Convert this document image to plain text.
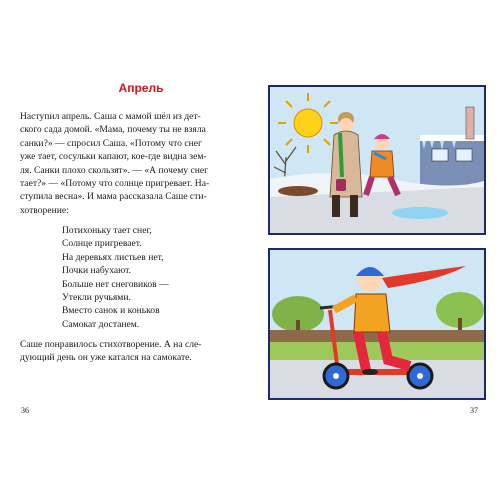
Апрель

Наступил апрель. Саша с мамой шёл из дет-
ского сада домой. «Мама, почему ты не взяла
санки?» — спросил Саша. «Потому что снег
уже тает, сосульки капают, кое-где видна зем-
ля. Санки плохо скользят». — «А почему снег
тает?» — «Потому что солнце пригревает. На-
ступила весна». И мама рассказала Саше сти-
хотворение:

Потихоньку тает снег,
Солнце пригревает.
На деревьях листьев нет,
Почки набухают.
Больше нет снеговиков —
Утекли ручьями.
Вместо санок и коньков
Самокат достанем.

Саше понравилось стихотворение. А на сле-
дующий день он уже катался на самокате.

36	37
